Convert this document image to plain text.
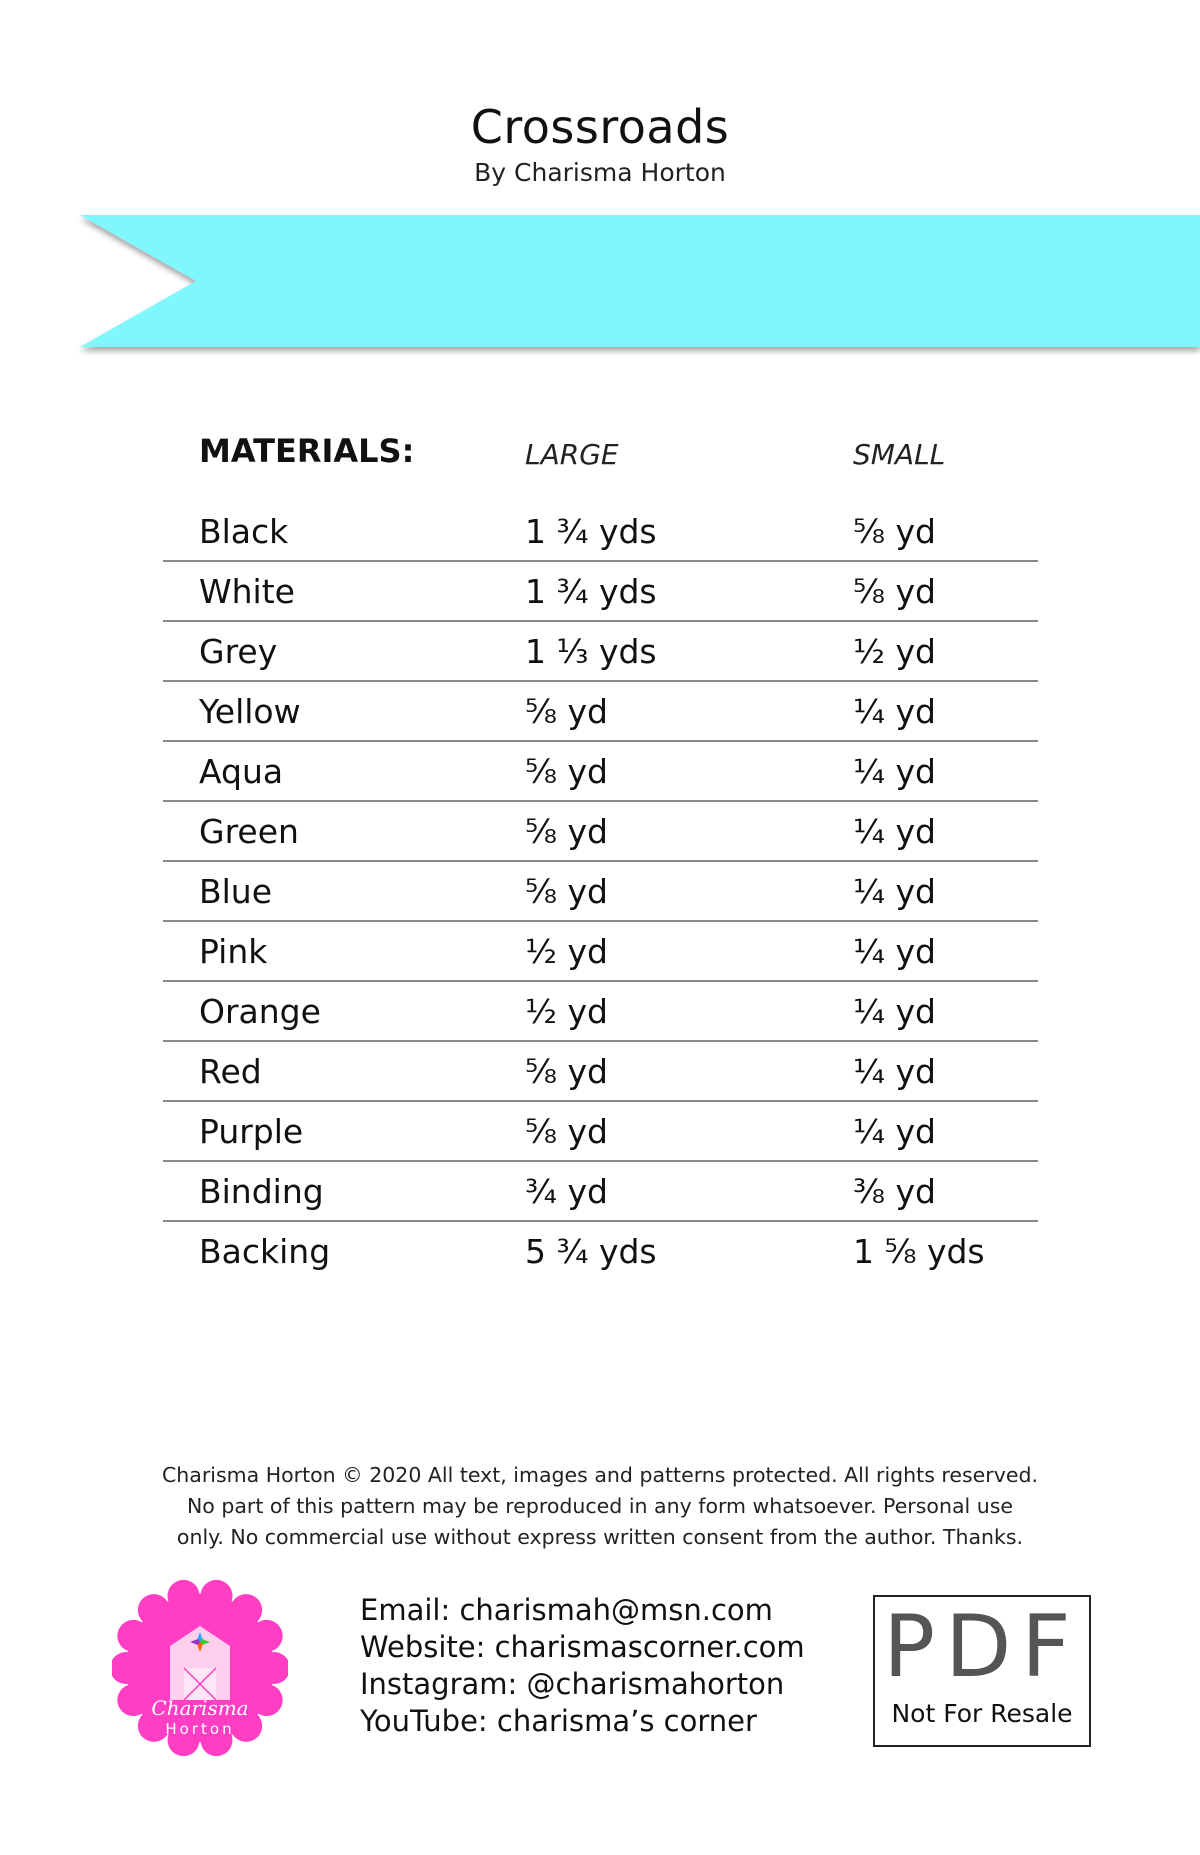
Crossroads
By Charisma Horton
MATERIALS:	LARGE	SMALL
Black	1 ¾ yds	⅝ yd
White	1 ¾ yds	⅝ yd
Grey	1 ⅓ yds	½ yd
Yellow	⅝ yd	¼ yd
Aqua	⅝ yd	¼ yd
Green	⅝ yd	¼ yd
Blue	⅝ yd	¼ yd
Pink	½ yd	¼ yd
Orange	½ yd	¼ yd
Red	⅝ yd	¼ yd
Purple	⅝ yd	¼ yd
Binding	¾ yd	⅜ yd
Backing	5 ¾ yds	1 ⅝ yds
Charisma Horton © 2020 All text, images and patterns protected. All rights reserved.
No part of this pattern may be reproduced in any form whatsoever. Personal use
only. No commercial use without express written consent from the author. Thanks.
Charisma
Horton
Email: charismah@msn.com
Website: charismascorner.com
Instagram: @charismahorton
YouTube: charisma’s corner
PDF
Not For Resale
